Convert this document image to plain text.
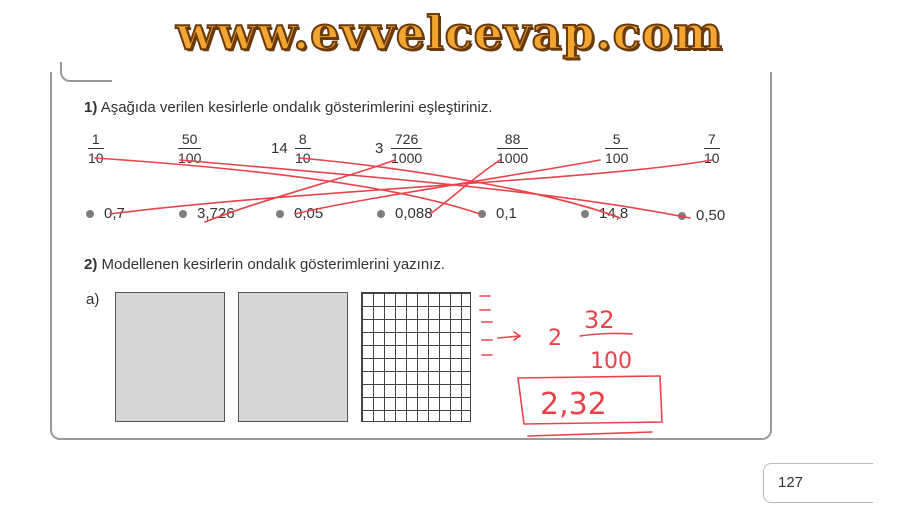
www.evvelcevap.com
1) Aşağıda verilen kesirlerle ondalık gösterimlerini eşleştiriniz.
1
10
50
100
14
8
10
3
726
1000
88
1000
5
100
7
10
0,7	3,726	0,05	0,088	0,1	14,8	0,50
2) Modellenen kesirlerin ondalık gösterimlerini yazınız.
a)
2
32
100
2,32
127
